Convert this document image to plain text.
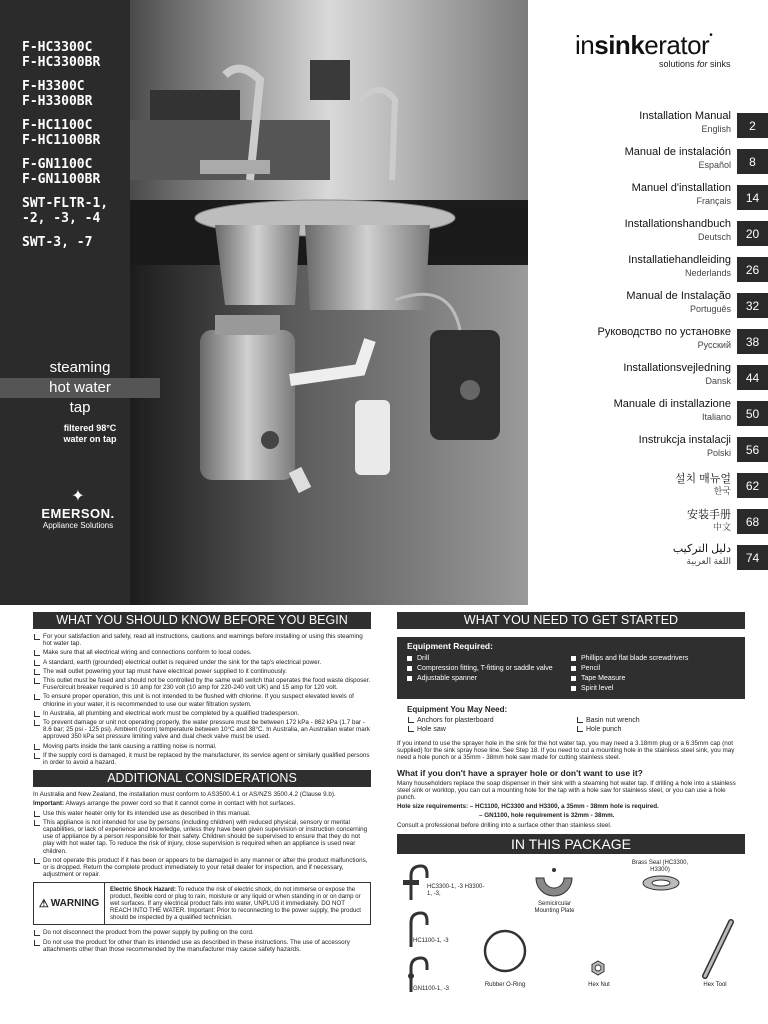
F-HC3300C
F-HC3300BR
F-H3300C
F-H3300BR
F-HC1100C
F-HC1100BR
F-GN1100C
F-GN1100BR
SWT-FLTR-1,
-2, -3, -4
SWT-3, -7
steaming
hot water
tap
filtered 98°C
water on tap
✦
EMERSON.
Appliance Solutions
insinkerator•
solutions for sinks
Installation Manual
English	2
Manual de instalación
Español	8
Manuel d'installation
Français	14
Installationshandbuch
Deutsch	20
Installatiehandleiding
Nederlands	26
Manual de Instalação
Português	32
Руководство по установке
Русский	38
Installationsvejledning
Dansk	44
Manuale di installazione
Italiano	50
Instrukcja instalacji
Polski	56
설치 매뉴얼
한국	62
安装手册
中文	68
دليل التركيب
اللغة العربية	74
WHAT YOU SHOULD KNOW BEFORE YOU BEGIN
For your satisfaction and safety, read all instructions, cautions and warnings before installing or using this steaming hot water tap.
Make sure that all electrical wiring and connections conform to local codes.
A standard, earth (grounded) electrical outlet is required under the sink for the tap's electrical power.
The wall outlet powering your tap must have electrical power supplied to it continuously.
This outlet must be fused and should not be controlled by the same wall switch that operates the food waste disposer. Fuse/circuit breaker required is 10 amp for 230 volt (10 amp for 220-240 volt UK) and 15 amp for 120 volt.
To ensure proper operation, this unit is not intended to be flushed with chlorine. If you suspect elevated levels of chlorine in your water, it is recommended to use our water filtration system.
In Australia, all plumbing and electrical work must be completed by a qualified tradesperson.
To prevent damage or unit not operating properly, the water pressure must be between 172 kPa - 862 kPa (1.7 bar - 8.6 bar; 25 psi - 125 psi). Ambient (room) temperature between 10°C and 38°C. In Australia, an Australian water mark approved 350 kPa set pressure limiting valve and dual check valve must be used.
Moving parts inside the tank causing a rattling noise is normal.
If the supply cord is damaged, it must be replaced by the manufacturer, its service agent or similarly qualified persons in order to avoid a hazard.
ADDITIONAL CONSIDERATIONS
In Australia and New Zealand, the installation must conform to AS3500.4.1 or AS/NZS 3500.4.2 (Clause 9.b).
Important: Always arrange the power cord so that it cannot come in contact with hot surfaces.
Use this water heater only for its intended use as described in this manual.
This appliance is not intended for use by persons (including children) with reduced physical, sensory or mental capabilities, or lack of experience and knowledge, unless they have been given supervision or instruction concerning use of appliance by a person responsible for their safety. Children should be supervised to ensure that they do not play with hot water tap. To reduce the risk of injury, close supervision is required when an appliance is used near children.
Do not operate this product if it has been or appears to be damaged in any manner or after the product malfunctions, or is dropped. Return the complete product immediately to your retail dealer for inspection, and if necessary, adjustment or repair.
⚠ WARNING
Electric Shock Hazard: To reduce the risk of electric shock, do not immerse or expose the product, flexible cord or plug to rain, moisture or any liquid or when standing in or on damp or wet surfaces. If any electrical product falls into water, UNPLUG it immediately. DO NOT REACH INTO THE WATER. Important: Prior to reconnecting to the power supply, the product should be inspected by a qualified technician.
Do not disconnect the product from the power supply by pulling on the cord.
Do not use the product for other than its intended use as described in these instructions. The use of accessory attachments other than those recommended by the manufacturer may cause safety hazards.
WHAT YOU NEED TO GET STARTED
Equipment Required:
Drill
Compression fitting, T-fitting or saddle valve
Adjustable spanner
Phillips and flat blade screwdrivers
Pencil
Tape Measure
Spirit level
Equipment You May Need:
Anchors for plasterboard
Hole saw
Basin nut wrench
Hole punch
If you intend to use the sprayer hole in the sink for the hot water tap, you may need a 3.18mm plug or a 6.35mm cap (not supplied) for the sink spray hose line. See Step 18. If you need to cut a mounting hole in the stainless steel sink, you may need a hole punch or a 35mm - 38mm hole saw made for cutting stainless steel.
What if you don't have a sprayer hole or don't want to use it?
Many householders replace the soap dispenser in their sink with a steaming hot water tap. If drilling a hole into a stainless steel sink or worktop, you can cut a mounting hole for the tap with a hole saw for stainless steel, or you can use a hole punch.
Hole size requirements: – HC1100, HC3300 and H3300, a 35mm - 38mm hole is required.
– GN1100, hole requirement is 32mm - 38mm.
Consult a professional before drilling into a surface other than stainless steel.
IN THIS PACKAGE
HC3300-1, -3 H3300-1, -3,
HC1100-1, -3
GN1100-1, -3
Semicircular Mounting Plate
Brass Seal (HC3300, H3300)
Rubber O-Ring	Hex Nut	Hex Tool
